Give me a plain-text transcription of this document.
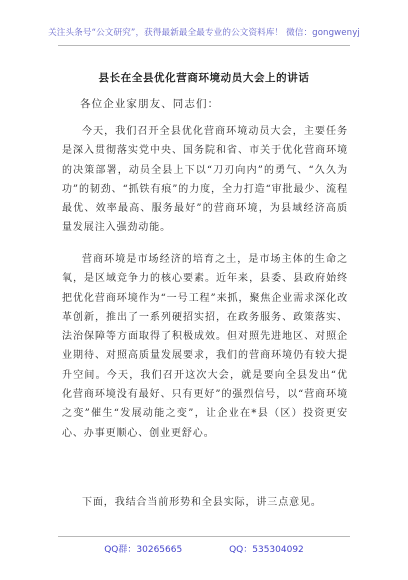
关注头条号“公文研究”，获得最新最全最专业的公文资料库！ 微信：gongwenyj
县长在全县优化营商环境动员大会上的讲话
各位企业家朋友、同志们：

今天，我们召开全县优化营商环境动员大会，主要任务是深入贯彻落实党中央、国务院和省、市关于优化营商环境的决策部署，动员全县上下以“刀刃向内”的勇气、“久久为功”的韧劲、“抓铁有痕”的力度，全力打造“审批最少、流程最优、效率最高、服务最好”的营商环境，为县域经济高质量发展注入强劲动能。

营商环境是市场经济的培育之土，是市场主体的生命之氧，是区域竞争力的核心要素。近年来，县委、县政府始终把优化营商环境作为“一号工程”来抓，聚焦企业需求深化改革创新，推出了一系列硬招实招，在政务服务、政策落实、法治保障等方面取得了积极成效。但对照先进地区、对照企业期待、对照高质量发展要求，我们的营商环境仍有较大提升空间。今天，我们召开这次大会，就是要向全县发出“优化营商环境没有最好、只有更好”的强烈信号，以“营商环境之变”催生“发展动能之变”，让企业在*县（区）投资更安心、办事更顺心、创业更舒心。

下面，我结合当前形势和全县实际，讲三点意见。

QQ群：30265665	QQ：535304092
